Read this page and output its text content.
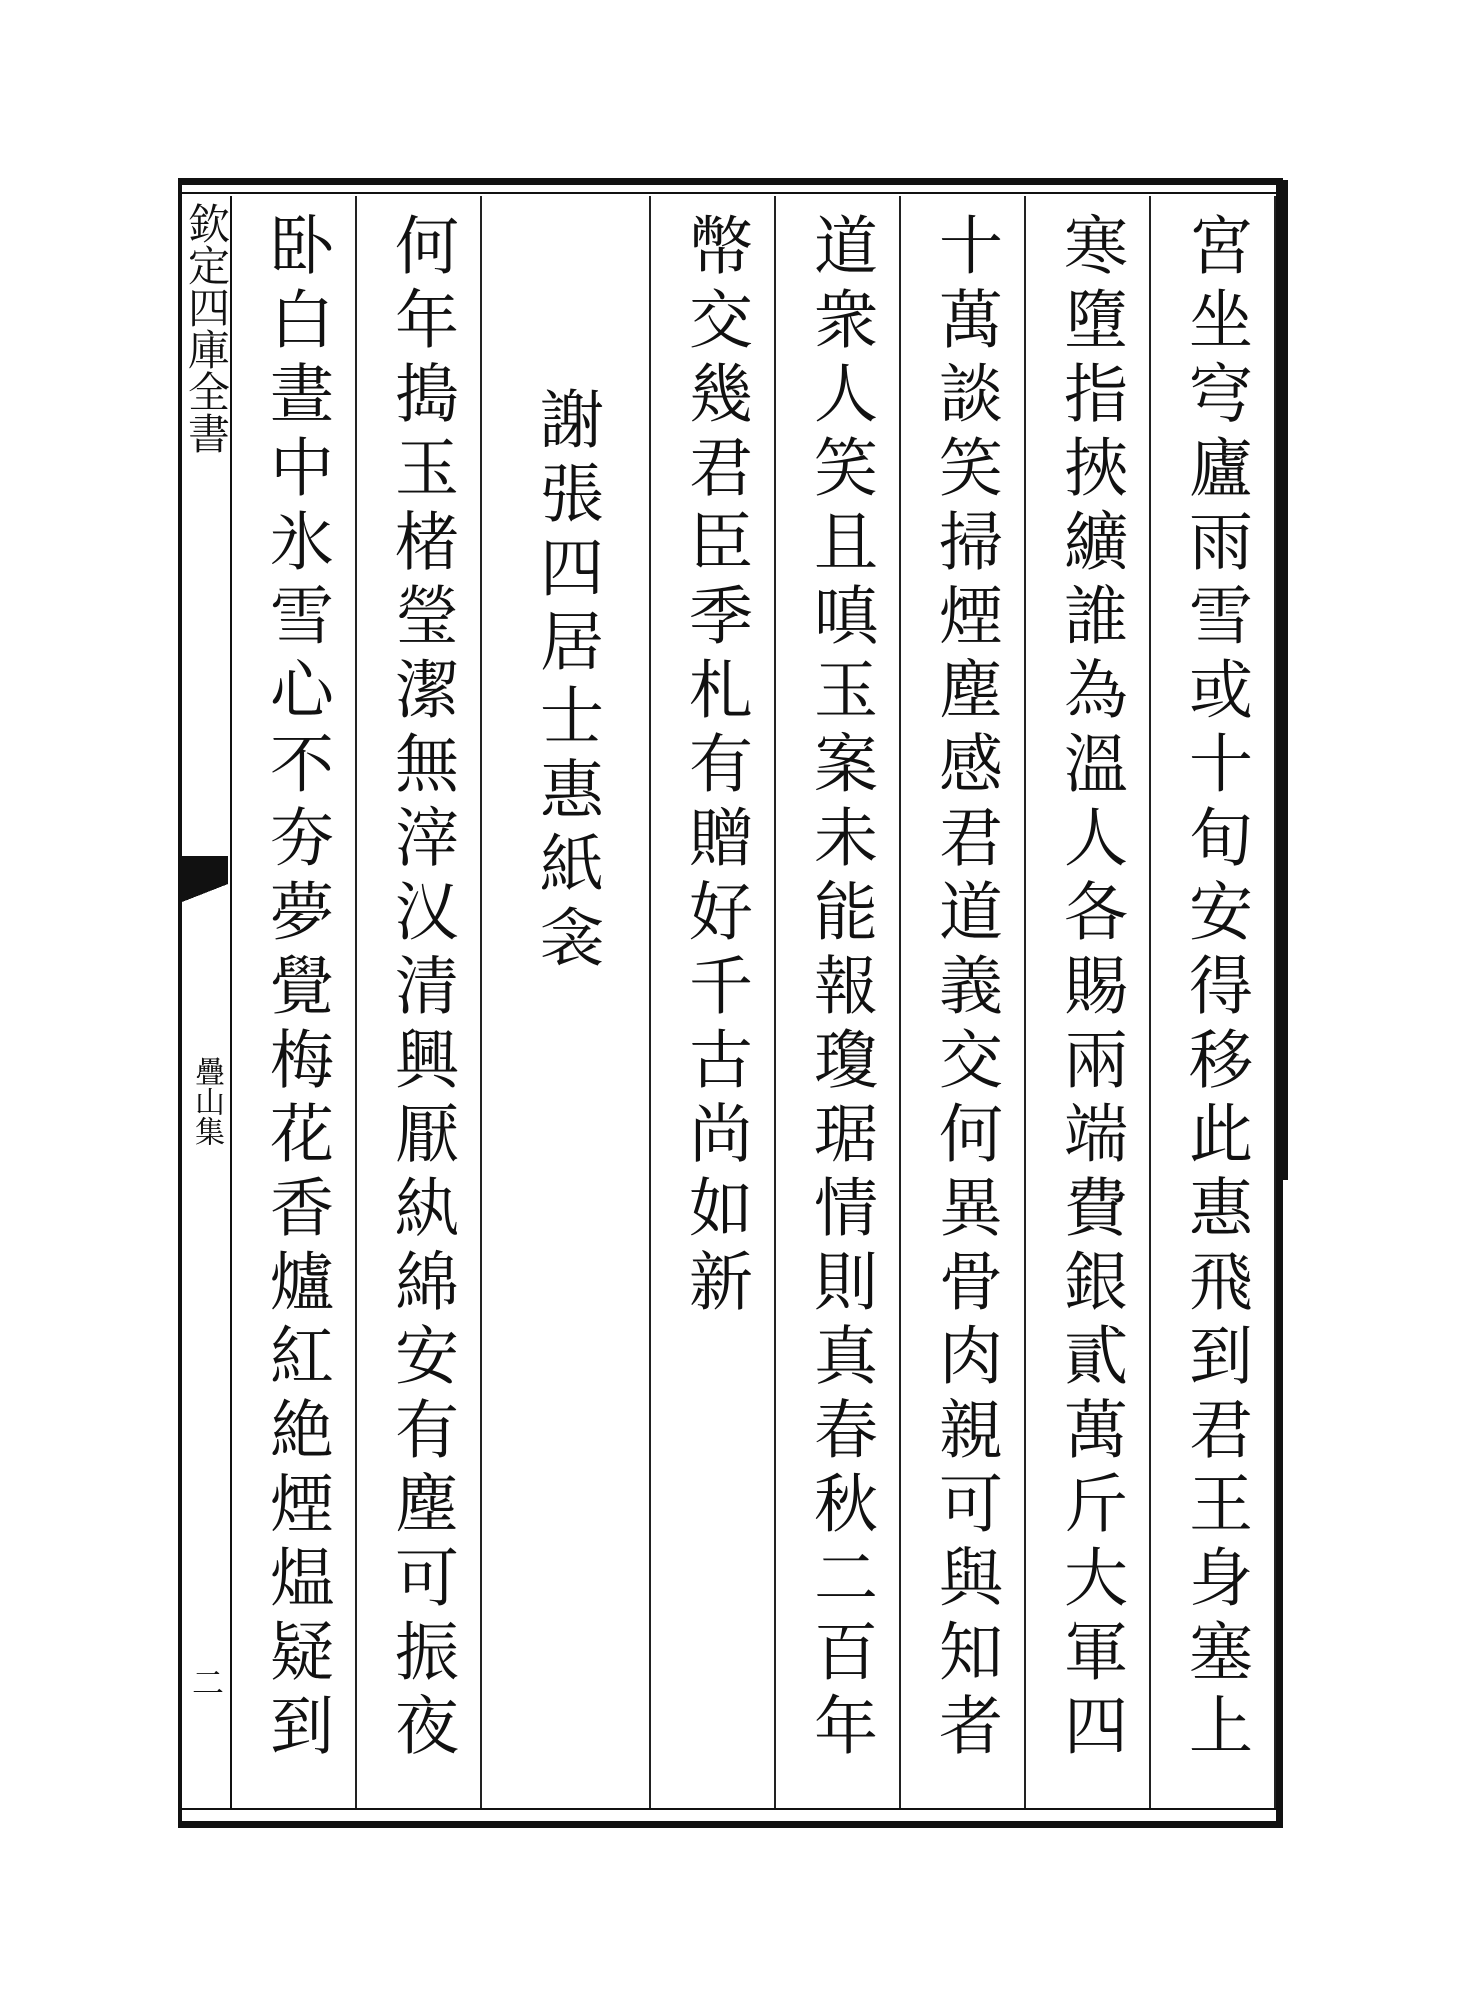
欽定四庫全書
疊山集
二	宮坐穹廬雨雪或十旬安得移此惠飛到君王身塞上
寒墮指挾纊誰為溫人各賜兩端費銀貳萬斤大軍四
十萬談笑掃煙塵感君道義交何異骨肉親可與知者
道衆人笑且嗔玉案未能報瓊琚情則真春秋二百年
幣交幾君臣季札有贈好千古尚如新
謝張四居士惠紙衾
何年搗玉楮瑩潔無滓㲼清興厭紈綿安有塵可振夜
卧白晝中氷雪心不夯夢覺梅花香爐紅絶煙煴疑到
